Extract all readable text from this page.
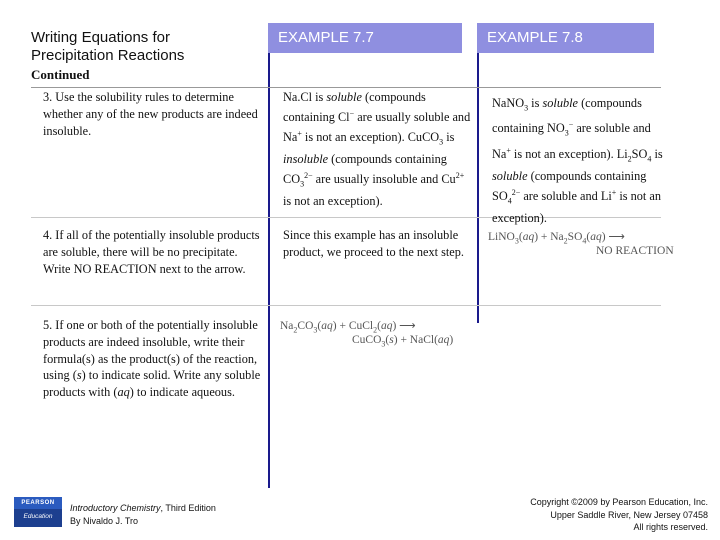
Writing Equations for
Precipitation Reactions
Continued
EXAMPLE 7.7	EXAMPLE 7.8
3. Use the solubility rules to determine whether any of the new products are indeed insoluble.
Na.Cl is soluble (compounds containing Cl− are usually soluble and Na+ is not an exception). CuCO$_3$ is insoluble (compounds containing $CO_3^{2-}$ are usually insoluble and $Cu^{2+}$ is not an exception).
NaNO$_3$ is soluble (compounds containing $NO_3^-$ are soluble and Na+ is not an exception). $Li_2SO_4$ is soluble (compounds containing $SO_4^{2-}$ are soluble and Li+ is not an exception).
4. If all of the potentially insoluble products are soluble, there will be no precipitate. Write NO REACTION next to the arrow.
Since this example has an insoluble product, we proceed to the next step.
LiNO$_3$(aq) + $Na_2SO_4(aq)$ ⟶
NO REACTION
5. If one or both of the potentially insoluble products are indeed insoluble, write their formula(s) as the product(s) of the reaction, using (s) to indicate solid. Write any soluble products with (aq) to indicate aqueous.
$Na_2CO_3(aq)$ + CuCl$_2$(aq) ⟶
CuCO$_3$(s) + NaCl(aq)
PEARSON
Education
Introductory Chemistry, Third Edition
By Nivaldo J. Tro
Copyright ©2009 by Pearson Education, Inc.
Upper Saddle River, New Jersey 07458
All rights reserved.
